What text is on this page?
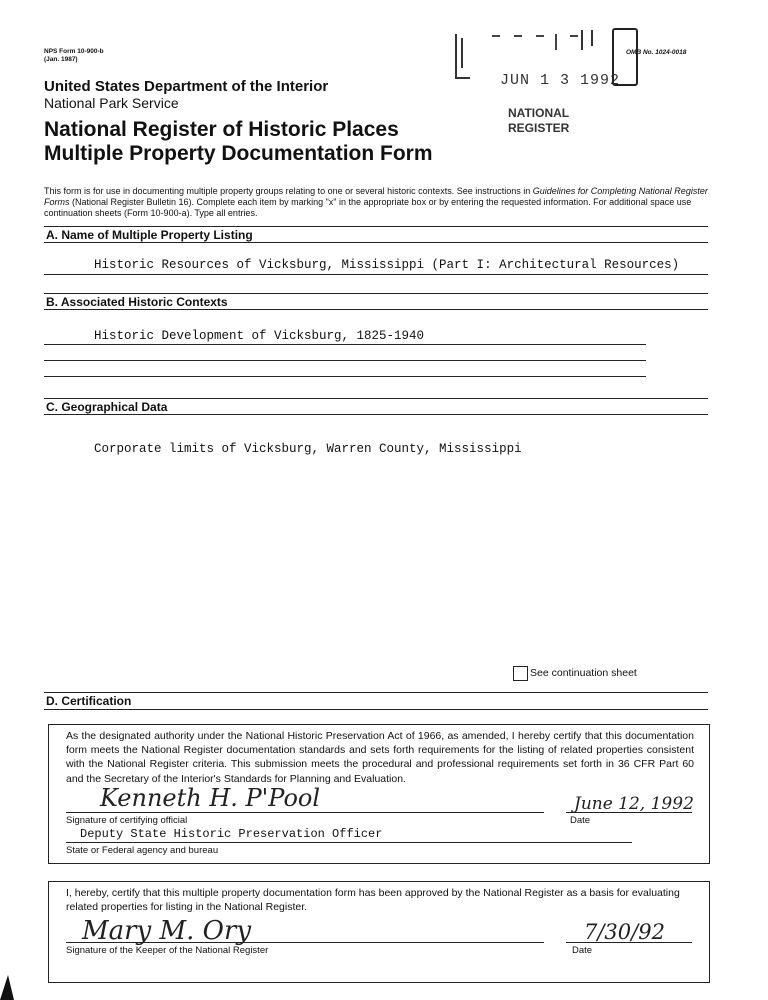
NPS Form 10-900-b
(Jan. 1987)
OMB No. 1024-0018
JUN 1 3 1992
NATIONAL
REGISTER
United States Department of the Interior
National Park Service
National Register of Historic Places
Multiple Property Documentation Form
This form is for use in documenting multiple property groups relating to one or several historic contexts. See instructions in Guidelines for Completing National Register Forms (National Register Bulletin 16). Complete each item by marking "x" in the appropriate box or by entering the requested information. For additional space use continuation sheets (Form 10-900-a). Type all entries.
A. Name of Multiple Property Listing
Historic Resources of Vicksburg, Mississippi (Part I: Architectural Resources)
B. Associated Historic Contexts
Historic Development of Vicksburg, 1825-1940
C. Geographical Data
Corporate limits of Vicksburg, Warren County, Mississippi
See continuation sheet
D. Certification
As the designated authority under the National Historic Preservation Act of 1966, as amended, I hereby certify that this documentation form meets the National Register documentation standards and sets forth requirements for the listing of related properties consistent with the National Register criteria. This submission meets the procedural and professional requirements set forth in 36 CFR Part 60 and the Secretary of the Interior's Standards for Planning and Evaluation.
Kenneth H. P'Pool	June 12, 1992
Signature of certifying official	Date
Deputy State Historic Preservation Officer
State or Federal agency and bureau
I, hereby, certify that this multiple property documentation form has been approved by the National Register as a basis for evaluating related properties for listing in the National Register.
Mary M. Ory	7/30/92
Signature of the Keeper of the National Register	Date
